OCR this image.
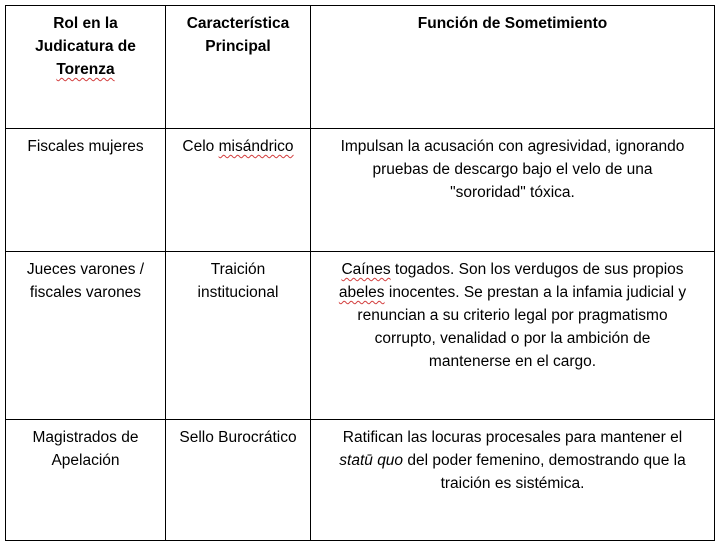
Rol en la Judicatura de Torenza	Característica Principal	Función de Sometimiento
Fiscales mujeres	Celo misándrico	Impulsan la acusación con agresividad, ignorando
pruebas de descargo bajo el velo de una
"sororidad" tóxica.

Jueces varones / fiscales varones	Traición institucional	Caínes togados. Son los verdugos de sus propios
abeles inocentes. Se prestan a la infamia judicial y
renuncian a su criterio legal por pragmatismo
corrupto, venalidad o por la ambición de
mantenerse en el cargo.

Magistrados de Apelación	Sello Burocrático	Ratifican las locuras procesales para mantener el
statū quo del poder femenino, demostrando que la
traición es sistémica.
